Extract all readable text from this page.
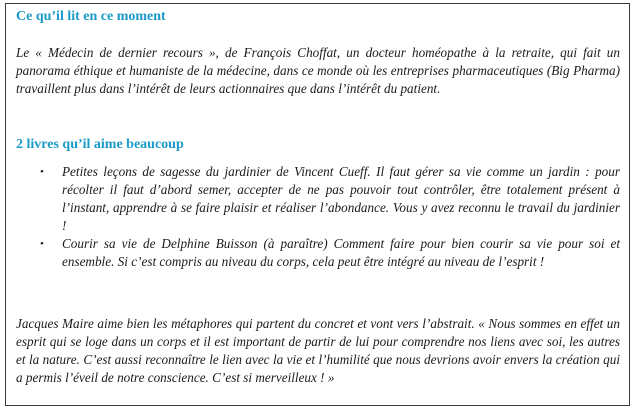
Ce qu’il lit en ce moment
Le « Médecin de dernier recours », de François Choffat, un docteur homéopathe à la retraite, qui fait un panorama éthique et humaniste de la médecine, dans ce monde où les entreprises pharmaceutiques (Big Pharma) travaillent plus dans l’intérêt de leurs actionnaires que dans l’intérêt du patient.
2 livres qu’il aime beaucoup
• Petites leçons de sagesse du jardinier de Vincent Cueff. Il faut gérer sa vie comme un jardin : pour récolter il faut d’abord semer, accepter de ne pas pouvoir tout contrôler, être totalement présent à l’instant, apprendre à se faire plaisir et réaliser l’abondance. Vous y avez reconnu le travail du jardinier !
• Courir sa vie de Delphine Buisson (à paraître) Comment faire pour bien courir sa vie pour soi et ensemble. Si c’est compris au niveau du corps, cela peut être intégré au niveau de l’esprit !
Jacques Maire aime bien les métaphores qui partent du concret et vont vers l’abstrait. « Nous sommes en effet un esprit qui se loge dans un corps et il est important de partir de lui pour comprendre nos liens avec soi, les autres et la nature. C’est aussi reconnaître le lien avec la vie et l’humilité que nous devrions avoir envers la création qui a permis l’éveil de notre conscience. C’est si merveilleux ! »
